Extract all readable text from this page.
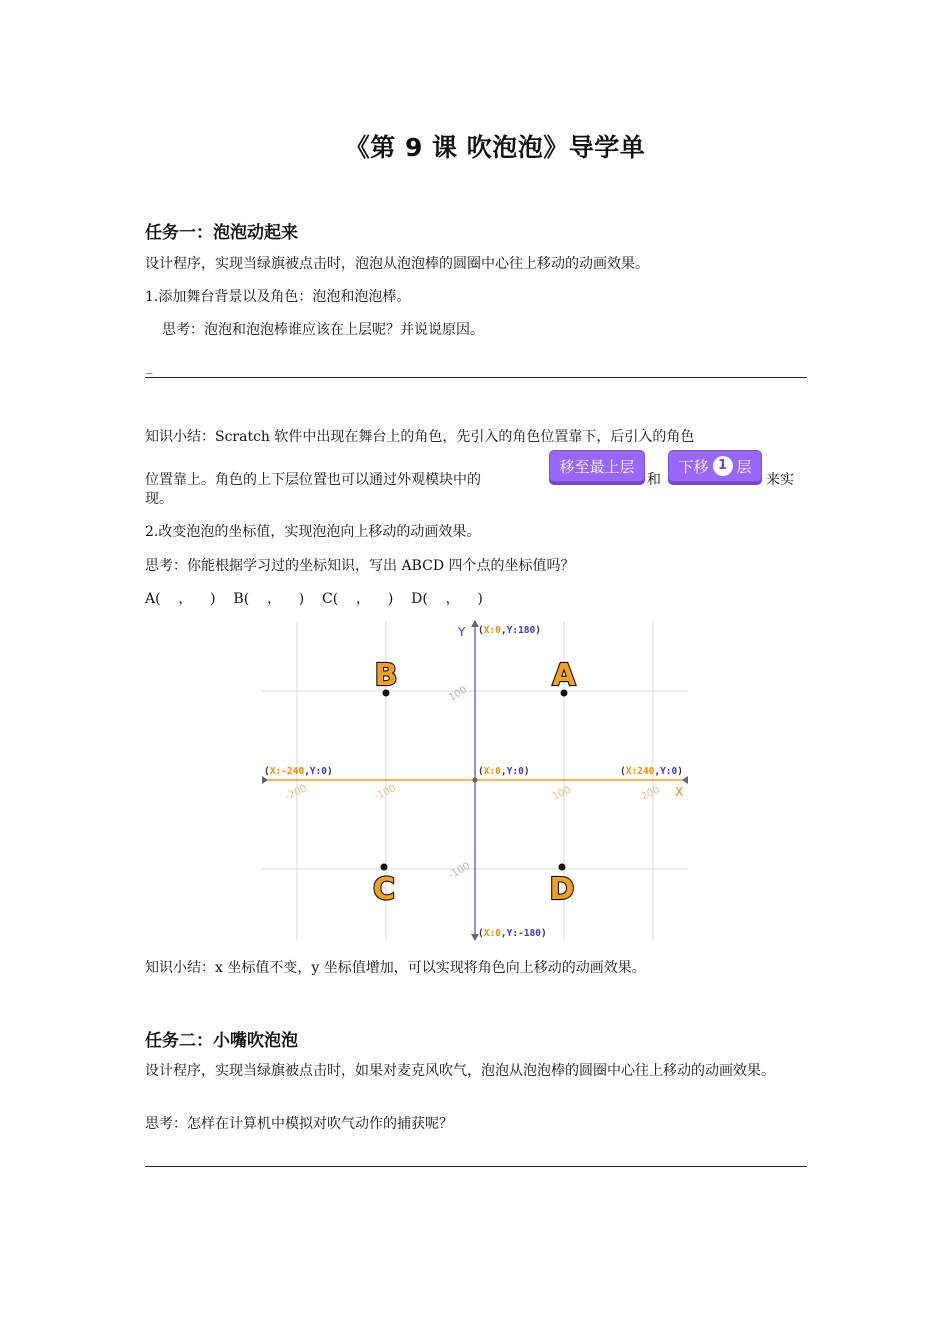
《第 9 课 吹泡泡》导学单
任务一：泡泡动起来
设计程序，实现当绿旗被点击时，泡泡从泡泡棒的圆圈中心往上移动的动画效果。
1.添加舞台背景以及角色：泡泡和泡泡棒。
思考：泡泡和泡泡棒谁应该在上层呢？并说说原因。
_
知识小结：Scratch 软件中出现在舞台上的角色，先引入的角色位置靠下，后引入的角色
位置靠上。角色的上下层位置也可以通过外观模块中的
移至最上层
和
下移 1 层
来实
现。
2.改变泡泡的坐标值，实现泡泡向上移动的动画效果。
思考：你能根据学习过的坐标知识，写出 ABCD 四个点的坐标值吗？
A(    ，    )    B(    ，    )    C(    ，    )    D(    ，    )
Y
X
(X:0,Y:180)
(X:0,Y:-180)
(X:-240,Y:0)	(X:240,Y:0)
(X:0,Y:0)
-200	-100	100	200
100
-100
A
B
C	D
知识小结：x 坐标值不变，y 坐标值增加，可以实现将角色向上移动的动画效果。
任务二：小嘴吹泡泡
设计程序，实现当绿旗被点击时，如果对麦克风吹气，泡泡从泡泡棒的圆圈中心往上移动的动画效果。
思考：怎样在计算机中模拟对吹气动作的捕获呢？
